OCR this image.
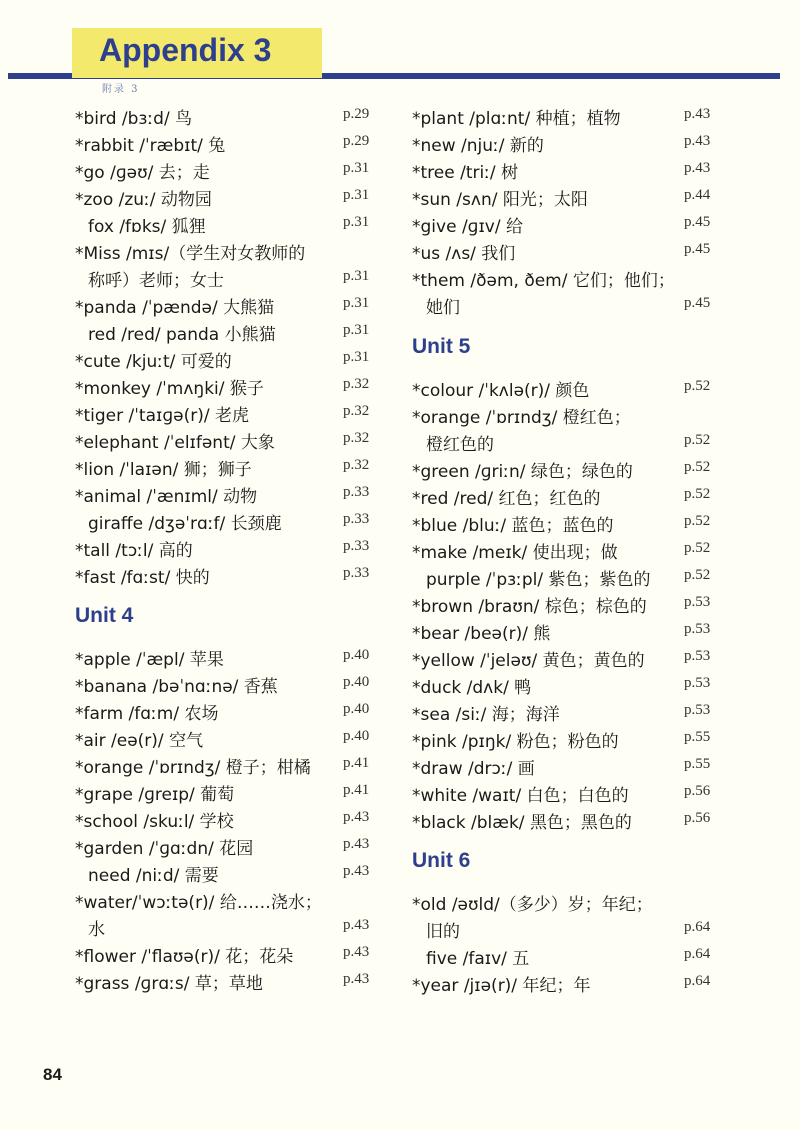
Appendix 3
附录 3
*bird /bɜːd/ 鸟	p.29
*rabbit /ˈræbɪt/ 兔	p.29
*go /ɡəʊ/ 去；走	p.31
*zoo /zuː/ 动物园	p.31
fox /fɒks/ 狐狸	p.31
*Miss /mɪs/（学生对女教师的
称呼）老师；女士	p.31
*panda /ˈpændə/ 大熊猫	p.31
red /red/ panda 小熊猫	p.31
*cute /kjuːt/ 可爱的	p.31
*monkey /ˈmʌŋki/ 猴子	p.32
*tiger /ˈtaɪɡə(r)/ 老虎	p.32
*elephant /ˈelɪfənt/ 大象	p.32
*lion /ˈlaɪən/ 狮；狮子	p.32
*animal /ˈænɪml/ 动物	p.33
giraffe /dʒəˈrɑːf/ 长颈鹿	p.33
*tall /tɔːl/ 高的	p.33
*fast /fɑːst/ 快的	p.33
Unit 4
*apple /ˈæpl/ 苹果	p.40
*banana /bəˈnɑːnə/ 香蕉	p.40
*farm /fɑːm/ 农场	p.40
*air /eə(r)/ 空气	p.40
*orange /ˈɒrɪndʒ/ 橙子；柑橘 p.41
*grape /ɡreɪp/ 葡萄	p.41
*school /skuːl/ 学校	p.43
*garden /ˈɡɑːdn/ 花园	p.43
need /niːd/ 需要	p.43
*water/ˈwɔːtə(r)/ 给……浇水；
水	p.43
*flower /ˈflaʊə(r)/ 花；花朵	p.43
*grass /ɡrɑːs/ 草；草地	p.43
*plant /plɑːnt/ 种植；植物	p.43
*new /njuː/ 新的	p.43
*tree /triː/ 树	p.43
*sun /sʌn/ 阳光；太阳	p.44
*give /ɡɪv/ 给	p.45
*us /ʌs/ 我们	p.45
*them /ðəm, ðem/ 它们；他们；
她们	p.45
Unit 5
*colour /ˈkʌlə(r)/ 颜色	p.52
*orange /ˈɒrɪndʒ/ 橙红色；
橙红色的	p.52
*green /ɡriːn/ 绿色；绿色的	p.52
*red /red/ 红色；红色的	p.52
*blue /bluː/ 蓝色；蓝色的	p.52
*make /meɪk/ 使出现；做	p.52
purple /ˈpɜːpl/ 紫色；紫色的 p.52
*brown /braʊn/ 棕色；棕色的 p.53
*bear /beə(r)/ 熊	p.53
*yellow /ˈjeləʊ/ 黄色；黄色的	p.53
*duck /dʌk/ 鸭	p.53
*sea /siː/ 海；海洋	p.53
*pink /pɪŋk/ 粉色；粉色的	p.55
*draw /drɔː/ 画	p.55
*white /waɪt/ 白色；白色的	p.56
*black /blæk/ 黑色；黑色的	p.56
Unit 6
*old /əʊld/（多少）岁；年纪；
旧的	p.64
five /faɪv/ 五	p.64
*year /jɪə(r)/ 年纪；年	p.64
84
